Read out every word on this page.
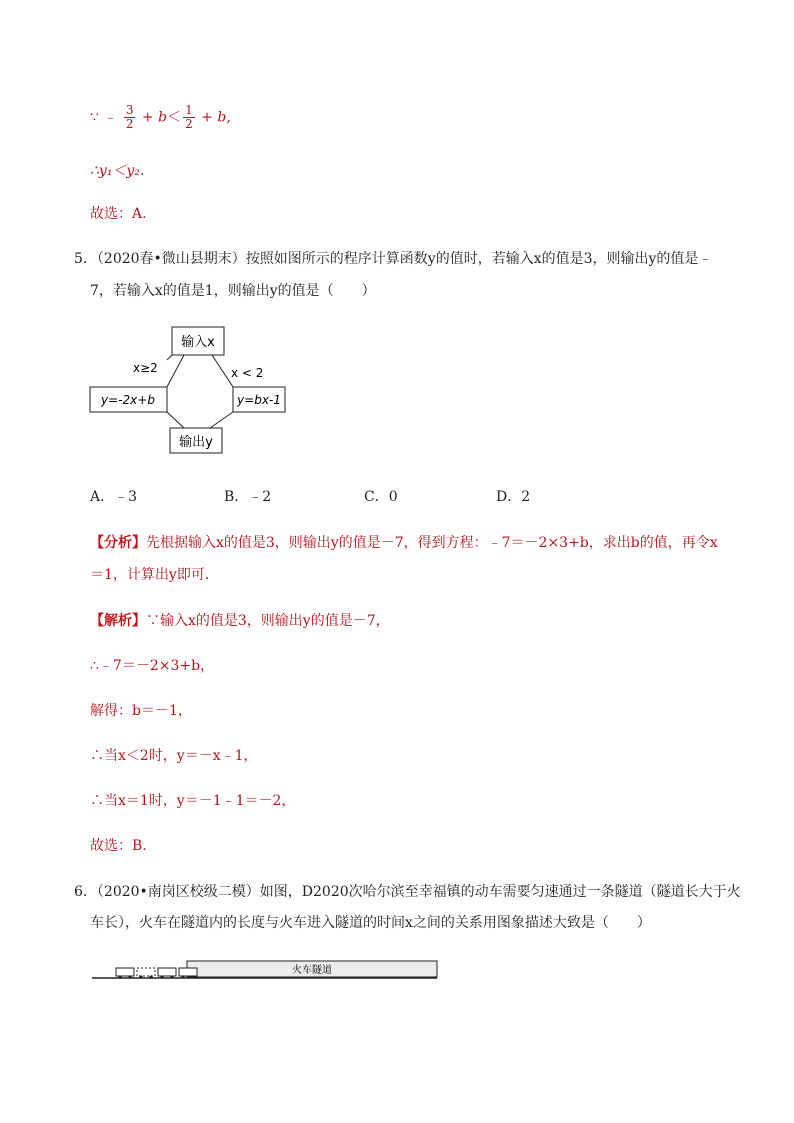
∵ ﹣ $\frac{3}{2} + b< \frac{1}{2} + b$,
∴y₁＜y₂.
故选：A.
5．（2020春•微山县期末）按照如图所示的程序计算函数y的值时，若输入x的值是3，则输出y的值是﹣
7，若输入x的值是1，则输出y的值是（　　）
输入x
y=-2x+b	y=bx-1
输出y
x≥2	x < 2
A．﹣3	B．﹣2	C．0	D．2
【分析】先根据输入x的值是3，则输出y的值是－7，得到方程：﹣7＝－2×3+b，求出b的值，再令x
＝1，计算出y即可．
【解析】∵输入x的值是3，则输出y的值是－7，
∴﹣7＝－2×3+b，
解得：b＝－1，
∴当x＜2时，y＝－x﹣1，
∴当x＝1时，y＝－1﹣1＝－2，
故选：B．
6．（2020•南岗区校级二模）如图，D2020次哈尔滨至幸福镇的动车需要匀速通过一条隧道（隧道长大于火
车长），火车在隧道内的长度与火车进入隧道的时间x之间的关系用图象描述大致是（　　）
火车隧道
